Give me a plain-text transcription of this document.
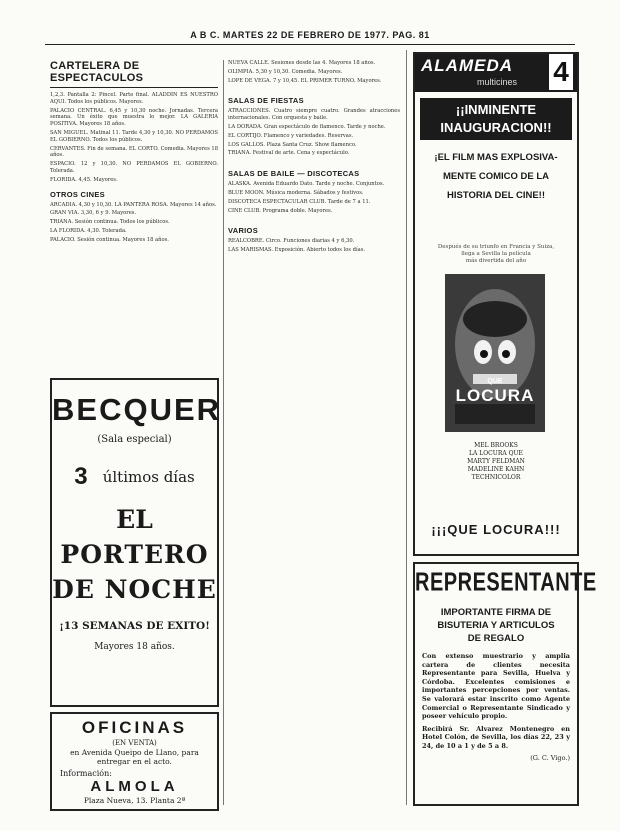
A B C. MARTES 22 DE FEBRERO DE 1977. PAG. 81
CARTELERA DE ESPECTACULOS
1,2,3. Pantalla 2: Pincel. Parte final. ALADDIN ES NUESTRO AQUI. Todos los públicos. Mayores.
PALACIO CENTRAL. 6,45 y 10,30 noche. Jornadas. Tercera semana. Un éxito que muestra lo mejor. LA GALERIA POSITIVA. Mayores 18 años.
SAN MIGUEL. Matinal 11. Tarde 4,30 y 10,30. NO PERDAMOS EL GOBIERNO. Todos los públicos.
CERVANTES. Fin de semana. EL CORTO. Comedia. Mayores 18 años.
ESPACIO. 12 y 10,30. NO PERDAMOS EL GOBIERNO. Tolerada.
FLORIDA. 4,45. Mayores.
OTROS CINES
ARCADIA. 4,30 y 10,30. LA PANTERA ROSA. Mayores 14 años.
GRAN VIA. 3,30, 6 y 9. Mayores.
TRIANA. Sesión continua. Todos los públicos.
LA FLORIDA. 4,30. Tolerada.
PALACIO. Sesión continua. Mayores 18 años.
BECQUER
(Sala especial)
3 últimos días
EL
PORTERO
DE NOCHE
¡13 SEMANAS DE EXITO!
Mayores 18 años.
OFICINAS
(EN VENTA)
en Avenida Queipo de Llano, para
entregar en el acto.
Información:
ALMOLA
Plaza Nueva, 13. Planta 2ª
NUEVA CALLE. Sesiones desde las 4. Mayores 18 años.
OLIMPIA. 5,30 y 10,30. Comedia. Mayores.
LOPE DE VEGA. 7 y 10,45. EL PRIMER TURNO. Mayores.
SALAS DE FIESTAS
ATRACCIONES. Cuatro siempre cuatro. Grandes atracciones internacionales. Con orquesta y baile.
LA DORADA. Gran espectáculo de flamenco. Tarde y noche.
EL CORTIJO. Flamenco y variedades. Reservas.
LOS GALLOS. Plaza Santa Cruz. Show flamenco.
TRIANA. Festival de arte. Cena y espectáculo.
SALAS DE BAILE — DISCOTECAS
ALASKA. Avenida Eduardo Dato. Tarde y noche. Conjuntos.
BLUE MOON. Música moderna. Sábados y festivos.
DISCOTECA ESPECTACULAR CLUB. Tarde de 7 a 11.
CINE CLUB. Programa doble. Mayores.
VARIOS
REALCOBRE. Circo. Funciones diarias 4 y 6,30.
LAS MARISMAS. Exposición. Abierto todos los días.
ALAMEDA
multicines 4
¡¡INMINENTE INAUGURACION!!
¡EL FILM MAS EXPLOSIVA-
MENTE COMICO DE LA
HISTORIA DEL CINE!!
Después de su triunfo en Francia y Suiza,
llega a Sevilla la película
más divertida del año
QUE
LOCURA
MEL BROOKS
LA LOCURA QUE
MARTY FELDMAN
MADELINE KAHN
TECHNICOLOR
¡¡¡QUE LOCURA!!!
REPRESENTANTE
IMPORTANTE FIRMA DE
BISUTERIA Y ARTICULOS
DE REGALO
Con extenso muestrario y amplia cartera de clientes necesita Representante para Sevilla, Huelva y Córdoba. Excelentes comisiones e importantes percepciones por ventas. Se valorará estar inscrito como Agente Comercial o Representante Sindicado y poseer vehículo propio.
Recibirá Sr. Alvarez Montenegro en Hotel Colón, de Sevilla, los días 22, 23 y 24, de 10 a 1 y de 5 a 8.
(G. C. Vigo.)
